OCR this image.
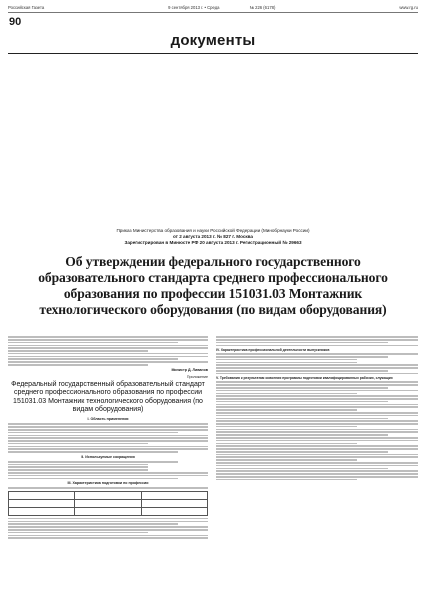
Российская Газета	9 сентября 2013 г. • Среда	№ 226 (6178)	www.rg.ru
90
документы
Приказ Министерства образования и науки Российской Федерации (Минобрнауки России)
от 2 августа 2013 г. № 827 г. Москва
Зарегистрирован в Минюсте РФ 20 августа 2013 г. Регистрационный № 29663
Об утверждении федерального государственного образовательного стандарта среднего профессионального образования по профессии 151031.03 Монтажник технологического оборудования (по видам оборудования)
Министр Д. Ливанов
Приложение
Федеральный государственный образовательный стандарт среднего профессионального образования по профессии 151031.03 Монтажник технологического оборудования (по видам оборудования)
I. Область применения
II. Используемые сокращения
III. Характеристика подготовки по профессии

IV. Характеристика профессиональной деятельности выпускников
V. Требования к результатам освоения программы подготовки квалифицированных рабочих, служащих
